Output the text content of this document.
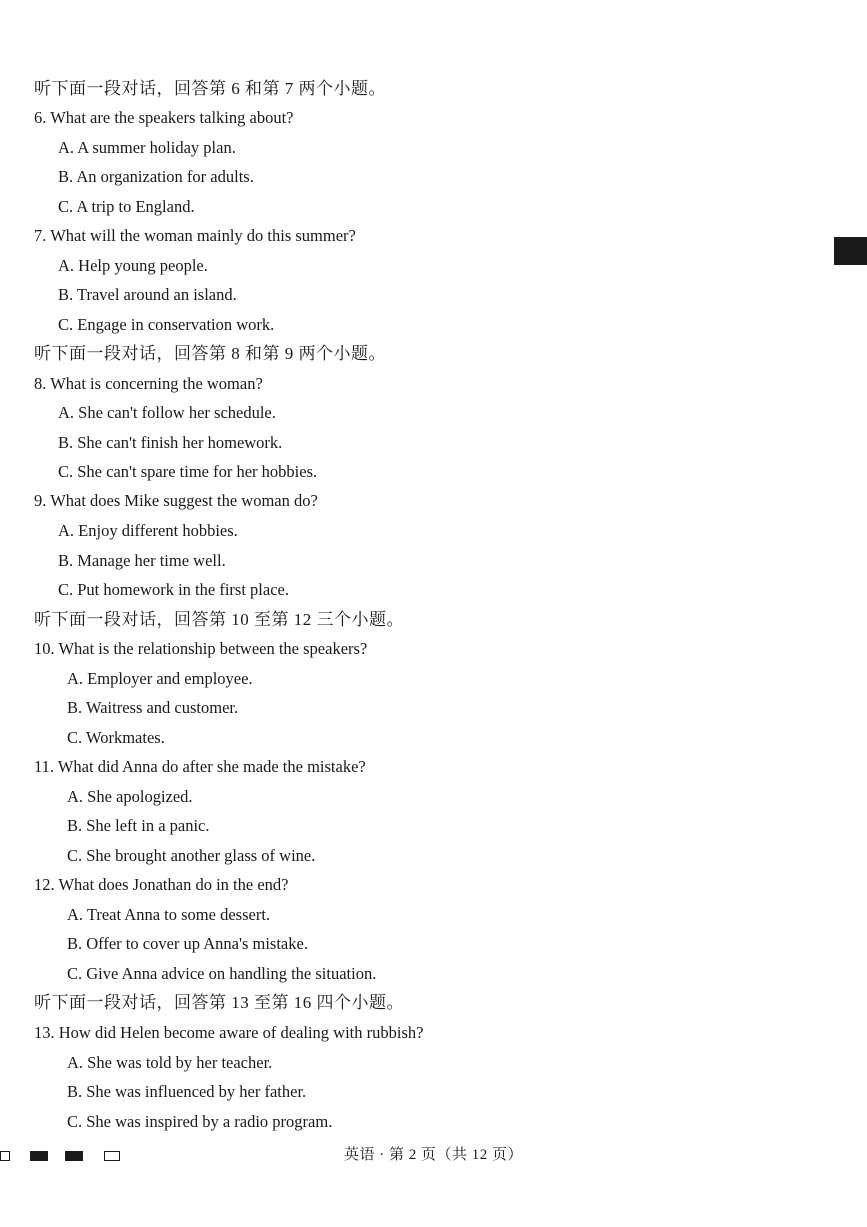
听下面一段对话，回答第 6 和第 7 两个小题。
6. What are the speakers talking about?
A. A summer holiday plan.
B. An organization for adults.
C. A trip to England.
7. What will the woman mainly do this summer?
A. Help young people.
B. Travel around an island.
C. Engage in conservation work.
听下面一段对话，回答第 8 和第 9 两个小题。
8. What is concerning the woman?
A. She can't follow her schedule.
B. She can't finish her homework.
C. She can't spare time for her hobbies.
9. What does Mike suggest the woman do?
A. Enjoy different hobbies.
B. Manage her time well.
C. Put homework in the first place.
听下面一段对话，回答第 10 至第 12 三个小题。
10. What is the relationship between the speakers?
A. Employer and employee.
B. Waitress and customer.
C. Workmates.
11. What did Anna do after she made the mistake?
A. She apologized.
B. She left in a panic.
C. She brought another glass of wine.
12. What does Jonathan do in the end?
A. Treat Anna to some dessert.
B. Offer to cover up Anna's mistake.
C. Give Anna advice on handling the situation.
听下面一段对话，回答第 13 至第 16 四个小题。
13. How did Helen become aware of dealing with rubbish?
A. She was told by her teacher.
B. She was influenced by her father.
C. She was inspired by a radio program.
英语 · 第 2 页（共 12 页）
